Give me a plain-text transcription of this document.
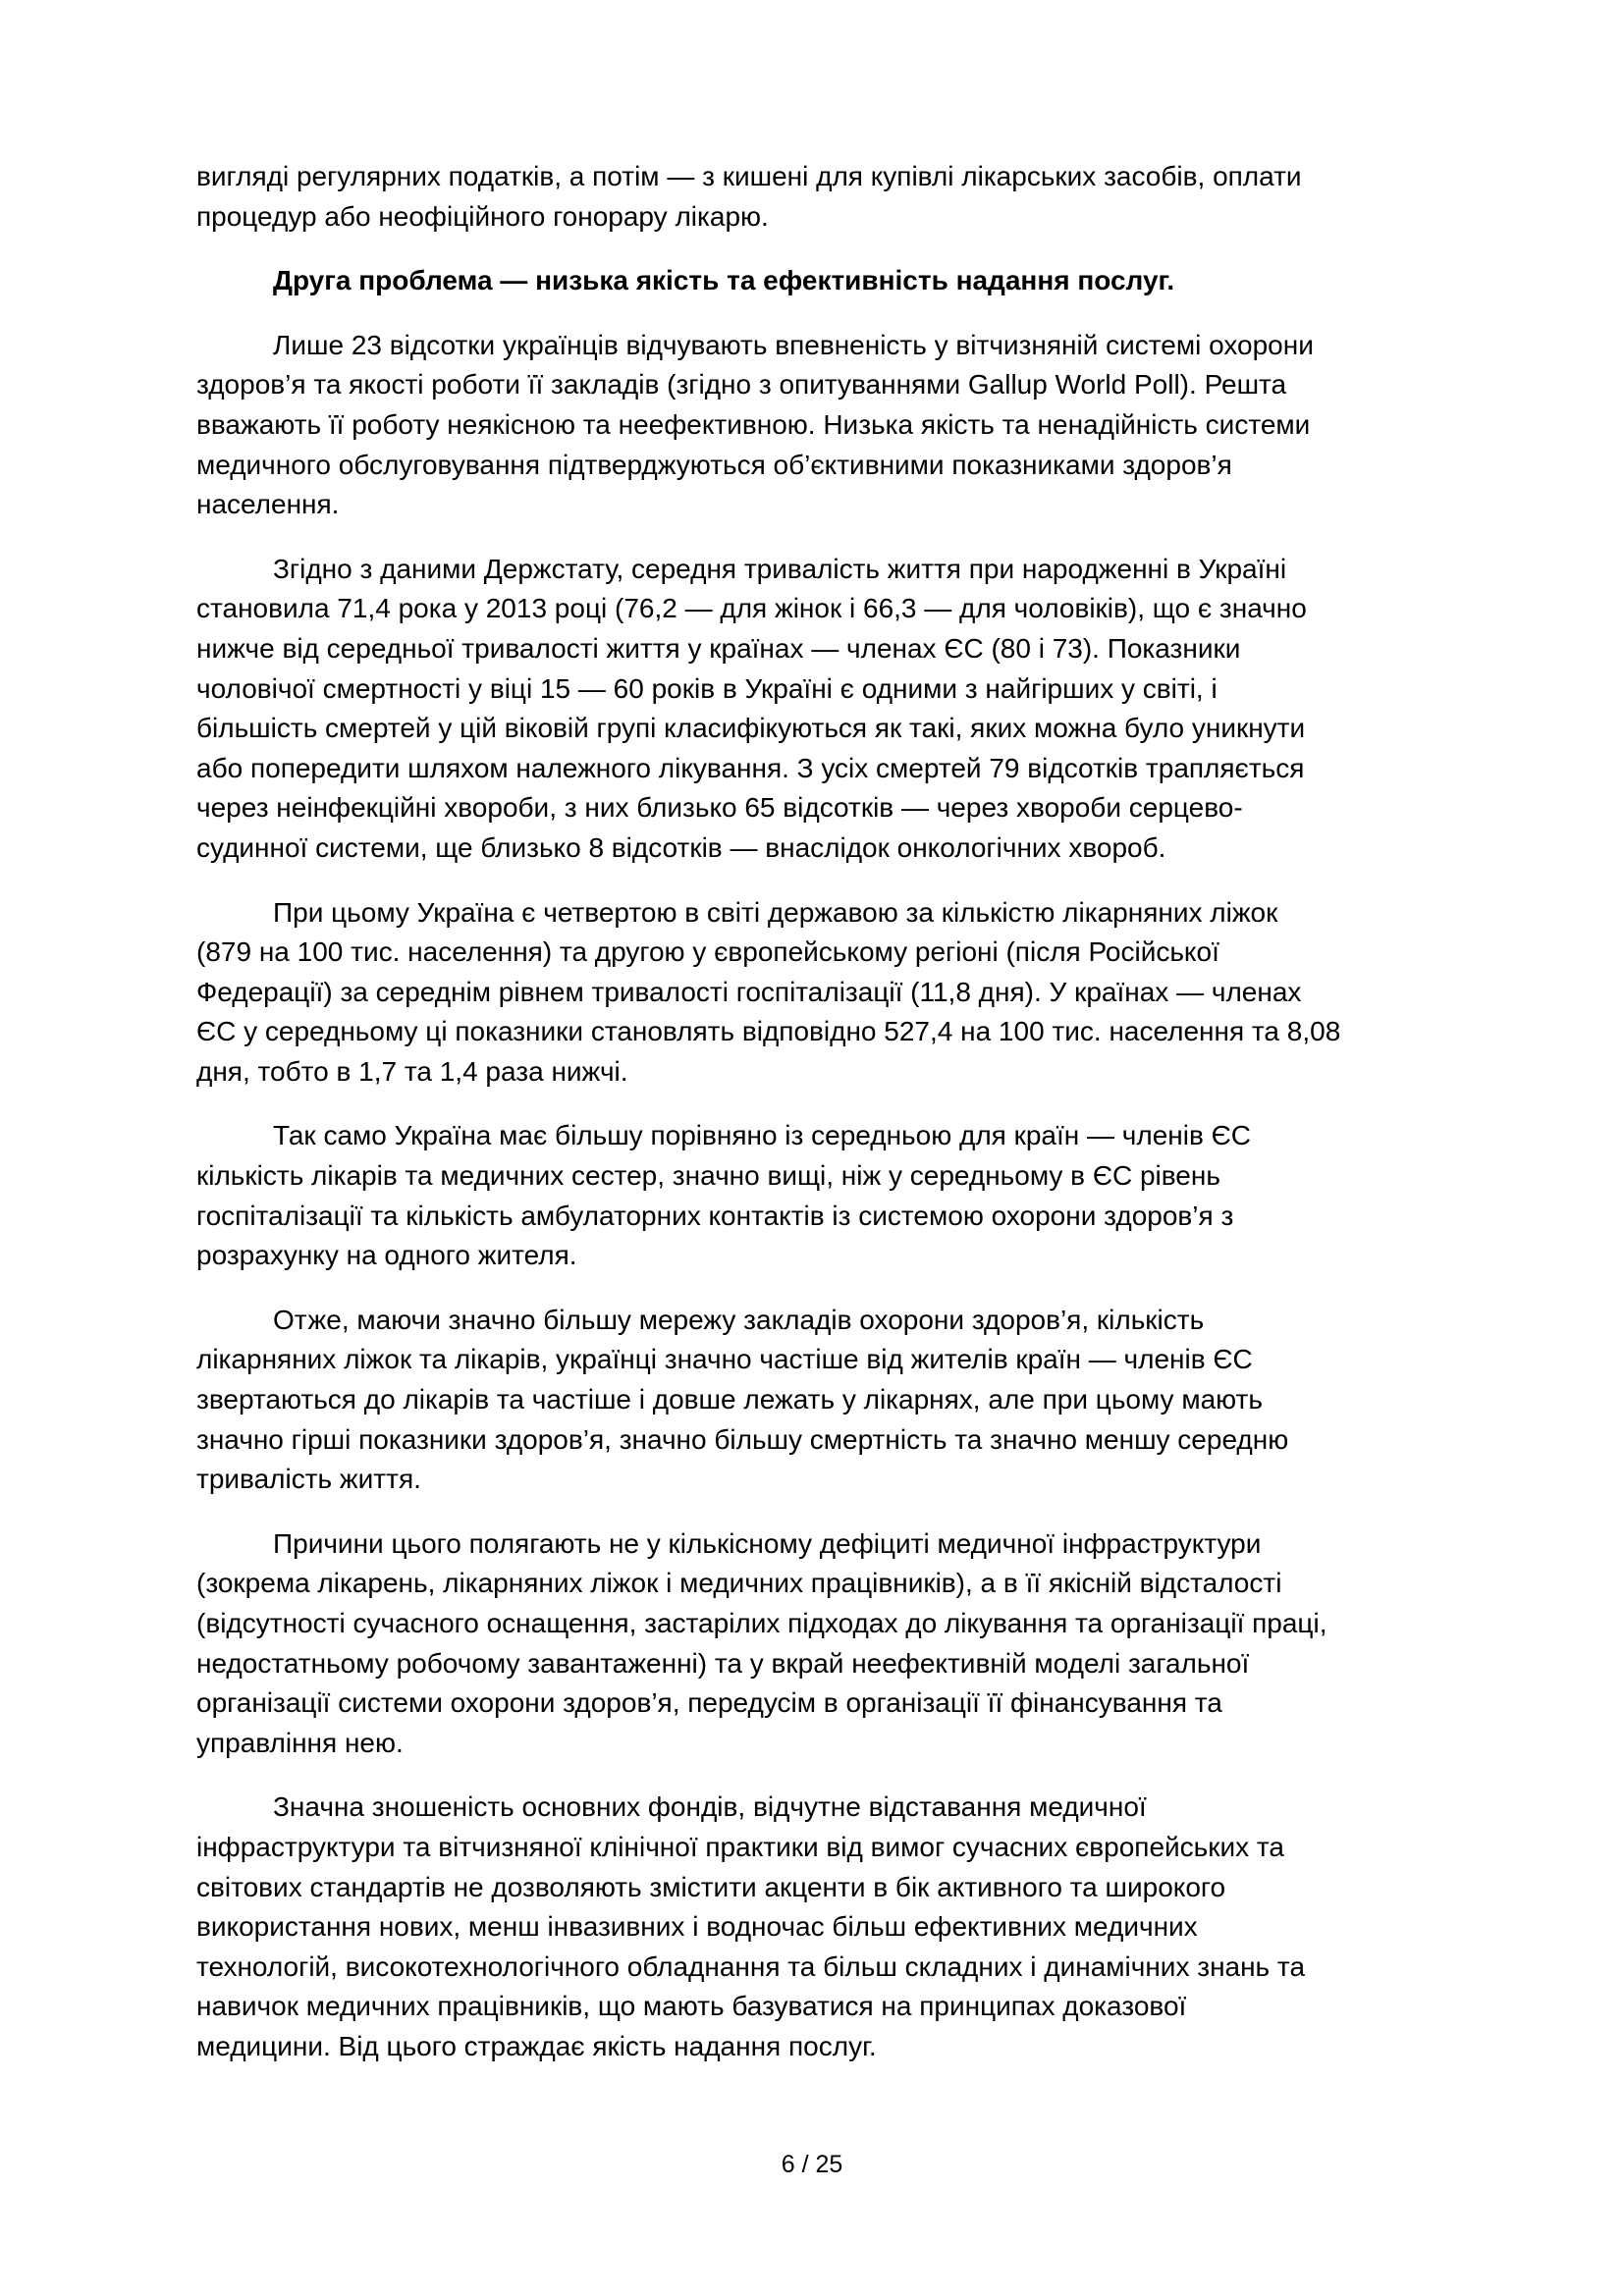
вигляді регулярних податків, а потім — з кишені для купівлі лікарських засобів, оплати
процедур або неофіційного гонорару лікарю.

Друга проблема — низька якість та ефективність надання послуг.

Лише 23 відсотки українців відчувають впевненість у вітчизняній системі охорони
здоров’я та якості роботи її закладів (згідно з опитуваннями Gallup World Poll). Решта
вважають її роботу неякісною та неефективною. Низька якість та ненадійність системи
медичного обслуговування підтверджуються об’єктивними показниками здоров’я
населення.

Згідно з даними Держстату, середня тривалість життя при народженні в Україні
становила 71,4 рока у 2013 році (76,2 — для жінок і 66,3 — для чоловіків), що є значно
нижче від середньої тривалості життя у країнах — членах ЄС (80 і 73). Показники
чоловічої смертності у віці 15 — 60 років в Україні є одними з найгірших у світі, і
більшість смертей у цій віковій групі класифікуються як такі, яких можна було уникнути
або попередити шляхом належного лікування. З усіх смертей 79 відсотків трапляється
через неінфекційні хвороби, з них близько 65 відсотків — через хвороби серцево-
судинної системи, ще близько 8 відсотків — внаслідок онкологічних хвороб.

При цьому Україна є четвертою в світі державою за кількістю лікарняних ліжок
(879 на 100 тис. населення) та другою у європейському регіоні (після Російської
Федерації) за середнім рівнем тривалості госпіталізації (11,8 дня). У країнах — членах
ЄС у середньому ці показники становлять відповідно 527,4 на 100 тис. населення та 8,08
дня, тобто в 1,7 та 1,4 раза нижчі.

Так само Україна має більшу порівняно із середньою для країн — членів ЄС
кількість лікарів та медичних сестер, значно вищі, ніж у середньому в ЄС рівень
госпіталізації та кількість амбулаторних контактів із системою охорони здоров’я з
розрахунку на одного жителя.

Отже, маючи значно більшу мережу закладів охорони здоров’я, кількість
лікарняних ліжок та лікарів, українці значно частіше від жителів країн — членів ЄС
звертаються до лікарів та частіше і довше лежать у лікарнях, але при цьому мають
значно гірші показники здоров’я, значно більшу смертність та значно меншу середню
тривалість життя.

Причини цього полягають не у кількісному дефіциті медичної інфраструктури
(зокрема лікарень, лікарняних ліжок і медичних працівників), а в її якісній відсталості
(відсутності сучасного оснащення, застарілих підходах до лікування та організації праці,
недостатньому робочому завантаженні) та у вкрай неефективній моделі загальної
організації системи охорони здоров’я, передусім в організації її фінансування та
управління нею.

Значна зношеність основних фондів, відчутне відставання медичної
інфраструктури та вітчизняної клінічної практики від вимог сучасних європейських та
світових стандартів не дозволяють змістити акценти в бік активного та широкого
використання нових, менш інвазивних і водночас більш ефективних медичних
технологій, високотехнологічного обладнання та більш складних і динамічних знань та
навичок медичних працівників, що мають базуватися на принципах доказової
медицини. Від цього страждає якість надання послуг.

6 / 25
